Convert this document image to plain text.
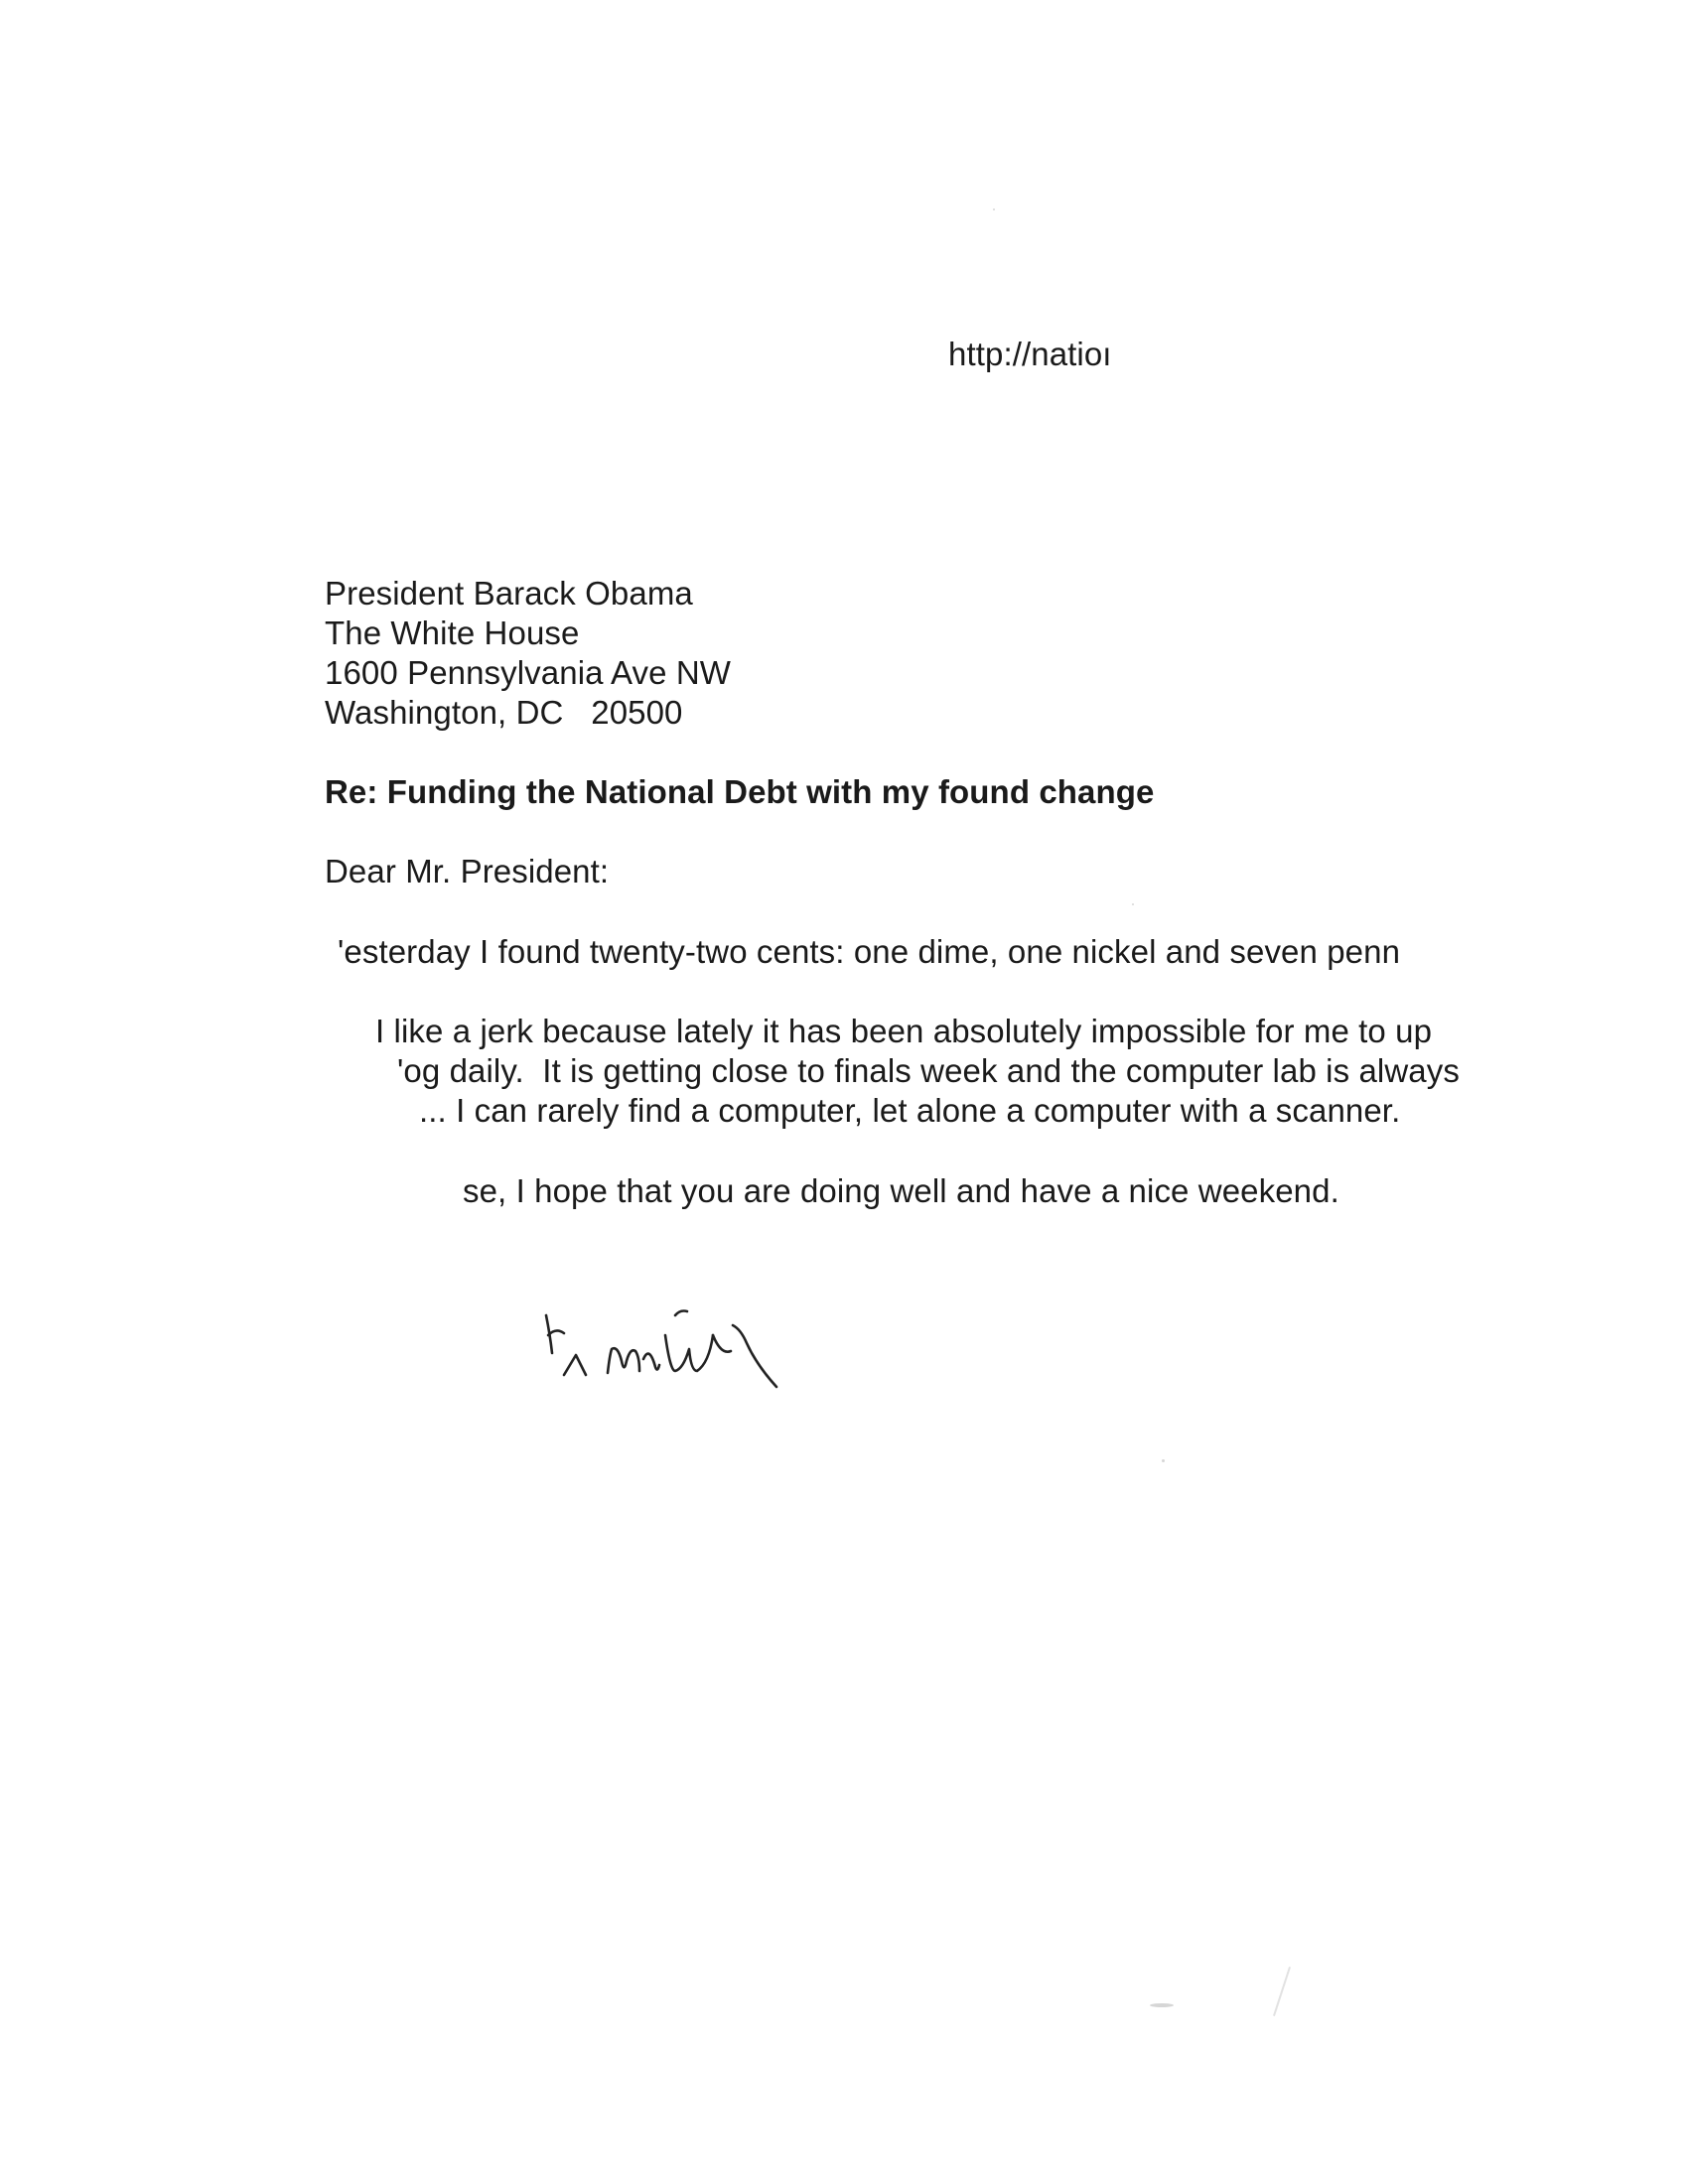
http://natioı
President Barack Obama
The White House
1600 Pennsylvania Ave NW
Washington, DC   20500
Re: Funding the National Debt with my found change
Dear Mr. President:
'esterday I found twenty-two cents: one dime, one nickel and seven penn
I like a jerk because lately it has been absolutely impossible for me to up
'og daily.  It is getting close to finals week and the computer lab is always
... I can rarely find a computer, let alone a computer with a scanner.
se, I hope that you are doing well and have a nice weekend.
